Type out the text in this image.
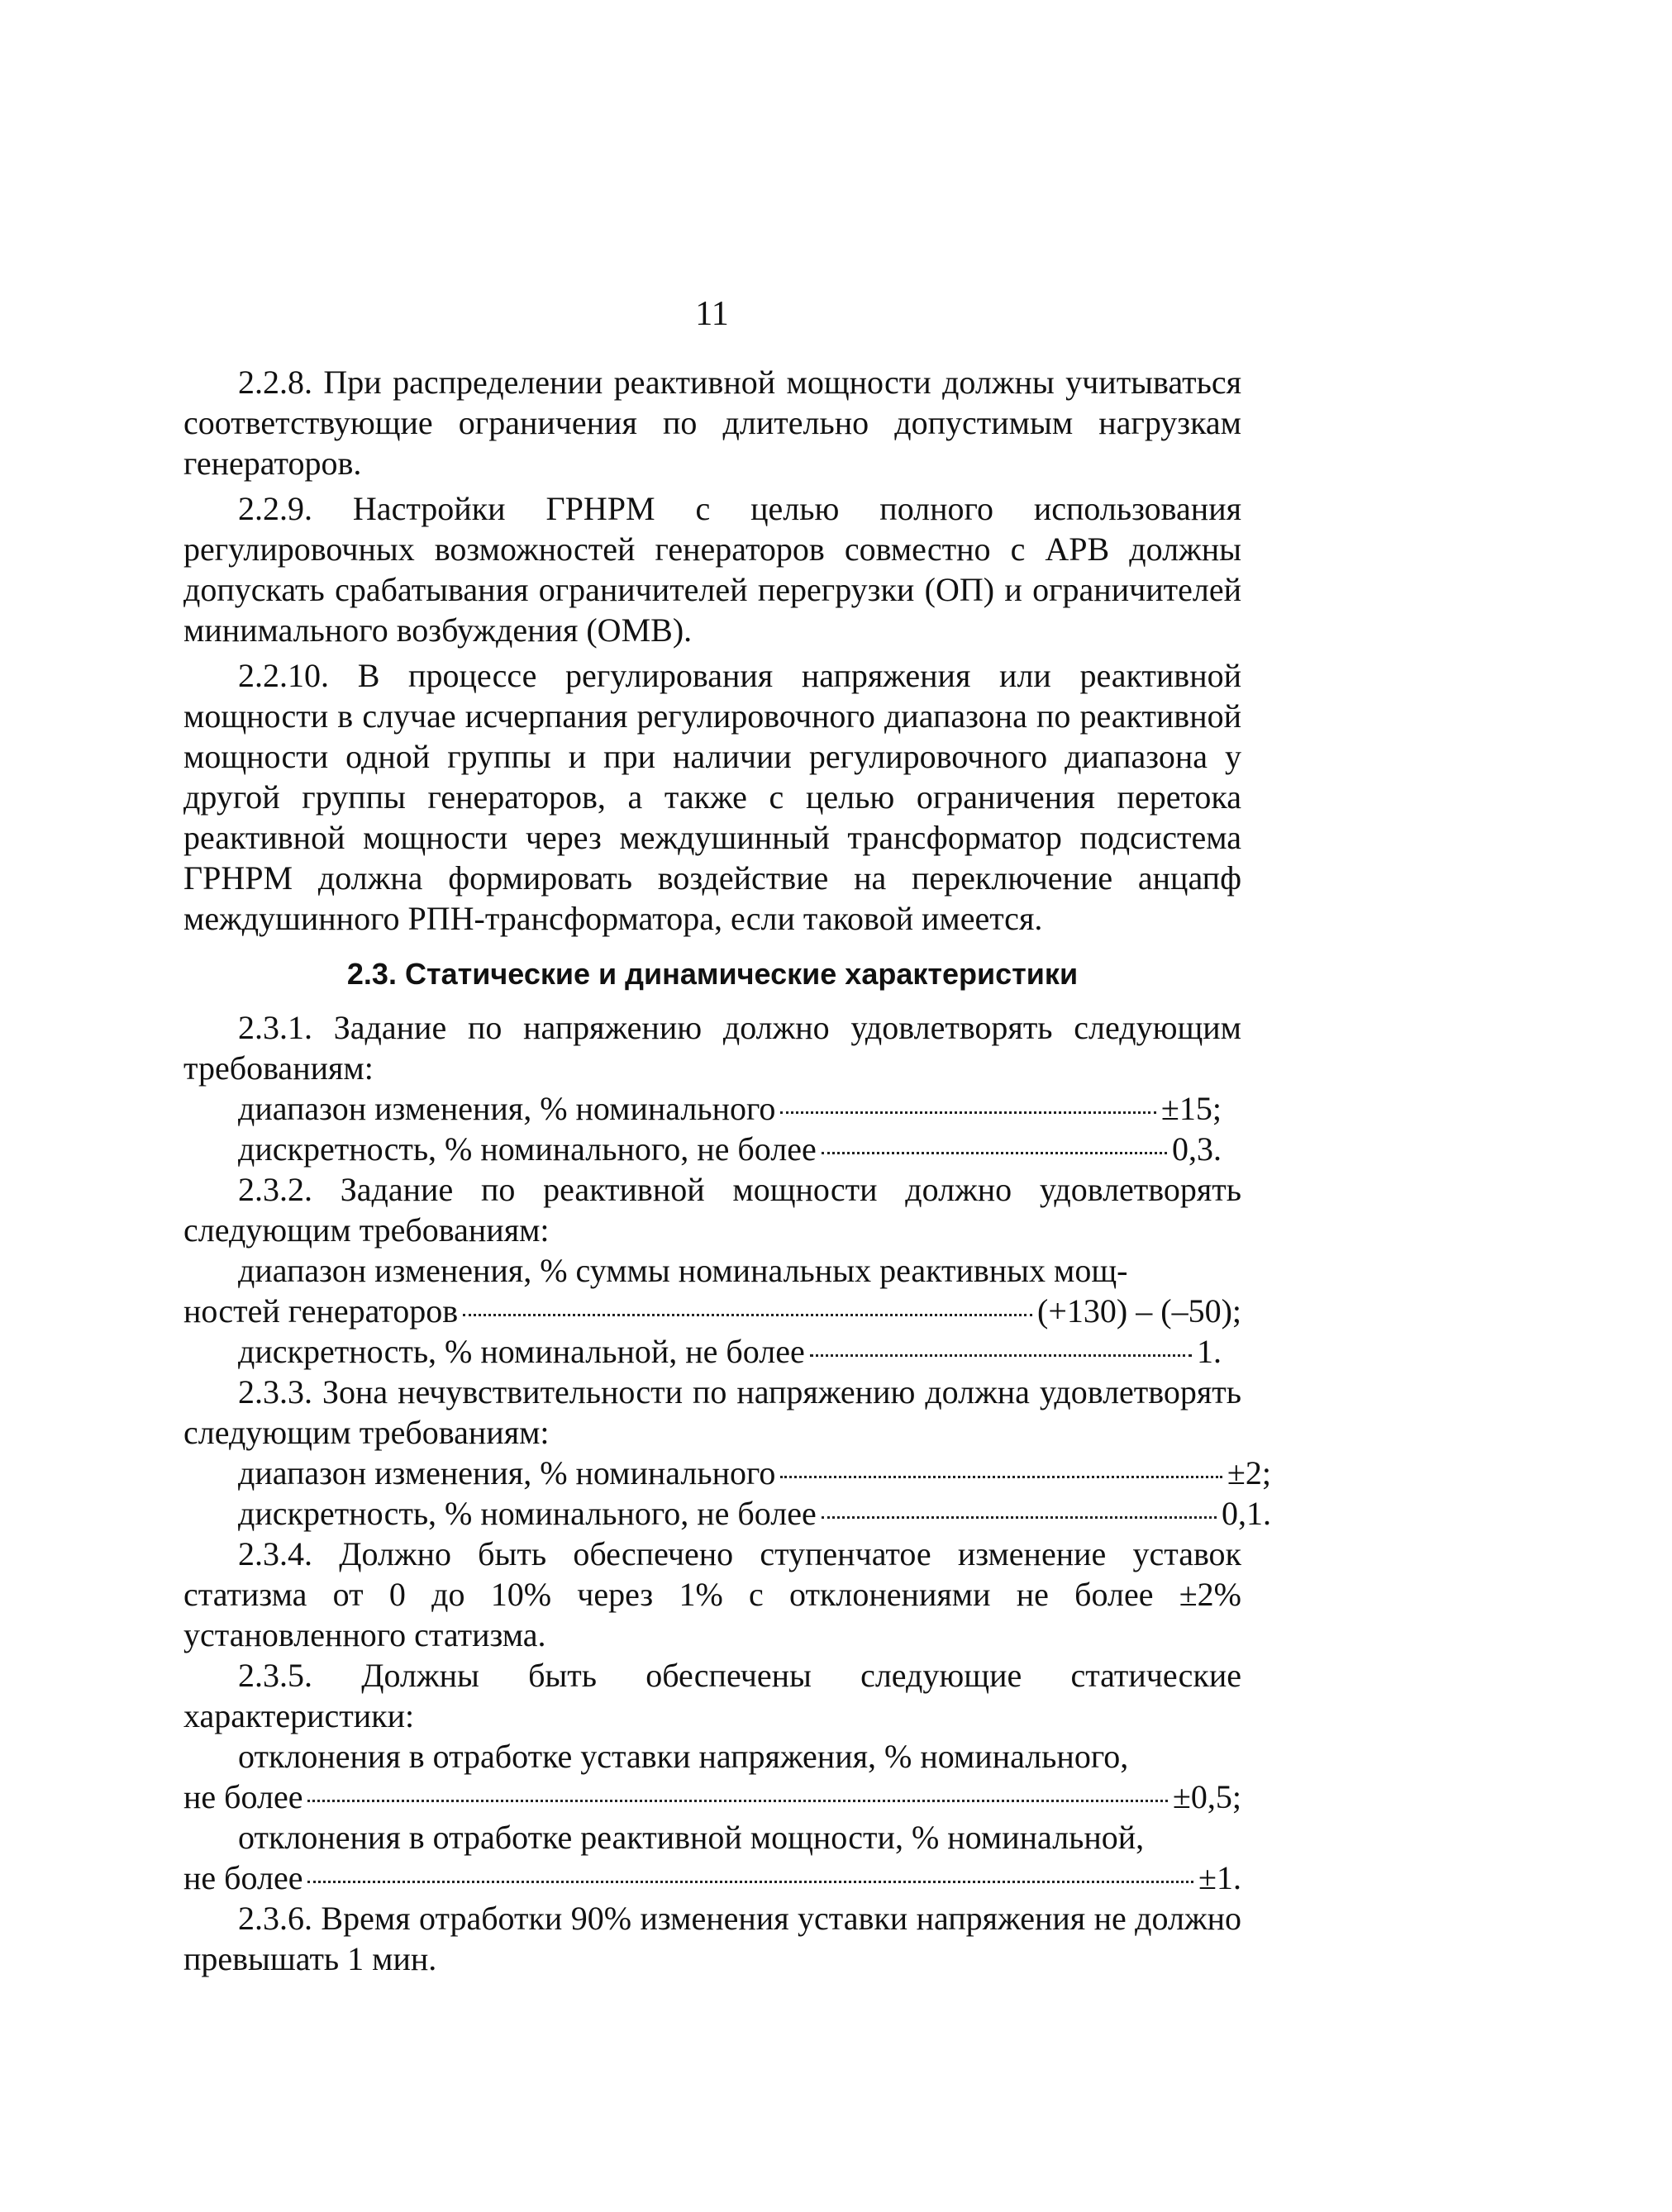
11

2.2.8. При распределении реактивной мощности должны учитываться соответствующие ограничения по длительно допустимым нагрузкам генераторов.

2.2.9. Настройки ГРНРМ с целью полного использования регулировочных возможностей генераторов совместно с АРВ должны допускать срабатывания ограничителей перегрузки (ОП) и ограничителей минимального возбуждения (ОМВ).

2.2.10. В процессе регулирования напряжения или реактивной мощности в случае исчерпания регулировочного диапазона по реактивной мощности одной группы и при наличии регулировочного диапазона у другой группы генераторов, а также с целью ограничения перетока реактивной мощности через междушинный трансформатор подсистема ГРНРМ должна формировать воздействие на переключение анцапф междушинного РПН-трансформатора, если таковой имеется.

2.3. Статические и динамические характеристики

2.3.1. Задание по напряжению должно удовлетворять следующим требованиям:

диапазон изменения, % номинального	±15;
дискретность, % номинального, не более	0,3.

2.3.2. Задание по реактивной мощности должно удовлетворять следующим требованиям:

диапазон изменения, % суммы номинальных реактивных мощ-

ностей генераторов	(+130) – (–50);
дискретность, % номинальной, не более	1.

2.3.3. Зона нечувствительности по напряжению должна удовлетворять следующим требованиям:

диапазон изменения, % номинального	±2;
дискретность, % номинального, не более	0,1.

2.3.4. Должно быть обеспечено ступенчатое изменение уставок статизма от 0 до 10% через 1% с отклонениями не более ±2% установленного статизма.

2.3.5. Должны быть обеспечены следующие статические характеристики:

отклонения в отработке уставки напряжения, % номинального,

не более	±0,5;

отклонения в отработке реактивной мощности, % номинальной,

не более	±1.

2.3.6. Время отработки 90% изменения уставки напряжения не должно превышать 1 мин.
